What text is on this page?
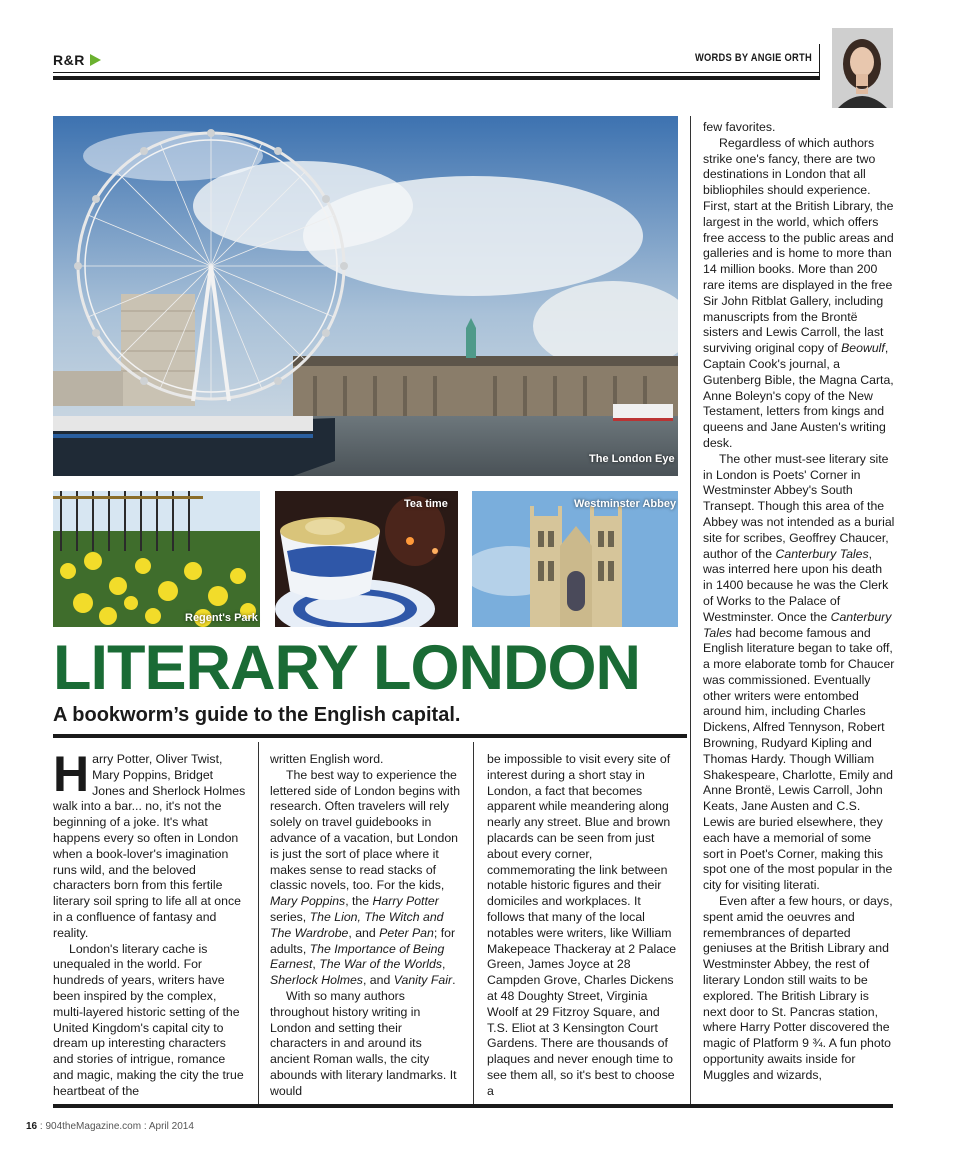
R&R	WORDS BY ANGIE ORTH
The London Eye
Regent's Park
Tea time	Westminster Abbey
LITERARY LONDON
A bookworm’s guide to the English capital.

Harry Potter, Oliver Twist, Mary Poppins, Bridget Jones and Sherlock Holmes walk into a bar... no, it's not the beginning of a joke. It's what happens every so often in London when a book-lover's imagination runs wild, and the beloved characters born from this fertile literary soil spring to life all at once in a confluence of fantasy and reality.

London's literary cache is unequaled in the world. For hundreds of years, writers have been inspired by the complex, multi-layered historic setting of the United Kingdom's capital city to dream up interesting characters and stories of intrigue, romance and magic, making the city the true heartbeat of the

written English word.

The best way to experience the lettered side of London begins with research. Often travelers will rely solely on travel guidebooks in advance of a vacation, but London is just the sort of place where it makes sense to read stacks of classic novels, too. For the kids, Mary Poppins, the Harry Potter series, The Lion, The Witch and The Wardrobe, and Peter Pan; for adults, The Importance of Being Earnest, The War of the Worlds, Sherlock Holmes, and Vanity Fair.

With so many authors throughout history writing in London and setting their characters in and around its ancient Roman walls, the city abounds with literary landmarks. It would

be impossible to visit every site of interest during a short stay in London, a fact that becomes apparent while meandering along nearly any street. Blue and brown placards can be seen from just about every corner, commemorating the link between notable historic figures and their domiciles and workplaces. It follows that many of the local notables were writers, like William Makepeace Thackeray at 2 Palace Green, James Joyce at 28 Campden Grove, Charles Dickens at 48 Doughty Street, Virginia Woolf at 29 Fitzroy Square, and T.S. Eliot at 3 Kensington Court Gardens. There are thousands of plaques and never enough time to see them all, so it's best to choose a

few favorites.

Regardless of which authors strike one's fancy, there are two destinations in London that all bibliophiles should experience. First, start at the British Library, the largest in the world, which offers free access to the public areas and galleries and is home to more than 14 million books. More than 200 rare items are displayed in the free Sir John Ritblat Gallery, including manuscripts from the Brontë sisters and Lewis Carroll, the last surviving original copy of Beowulf, Captain Cook's journal, a Gutenberg Bible, the Magna Carta, Anne Boleyn's copy of the New Testament, letters from kings and queens and Jane Austen's writing desk.

The other must-see literary site in London is Poets' Corner in Westminster Abbey's South Transept. Though this area of the Abbey was not intended as a burial site for scribes, Geoffrey Chaucer, author of the Canterbury Tales, was interred here upon his death in 1400 because he was the Clerk of Works to the Palace of Westminster. Once the Canterbury Tales had become famous and English literature began to take off, a more elaborate tomb for Chaucer was commissioned. Eventually other writers were entombed around him, including Charles Dickens, Alfred Tennyson, Robert Browning, Rudyard Kipling and Thomas Hardy. Though William Shakespeare, Charlotte, Emily and Anne Brontë, Lewis Carroll, John Keats, Jane Austen and C.S. Lewis are buried elsewhere, they each have a memorial of some sort in Poet's Corner, making this spot one of the most popular in the city for visiting literati.

Even after a few hours, or days, spent amid the oeuvres and remembrances of departed geniuses at the British Library and Westminster Abbey, the rest of literary London still waits to be explored. The British Library is next door to St. Pancras station, where Harry Potter discovered the magic of Platform 9 ¾. A fun photo opportunity awaits inside for Muggles and wizards,

16 : 904theMagazine.com : April 2014
